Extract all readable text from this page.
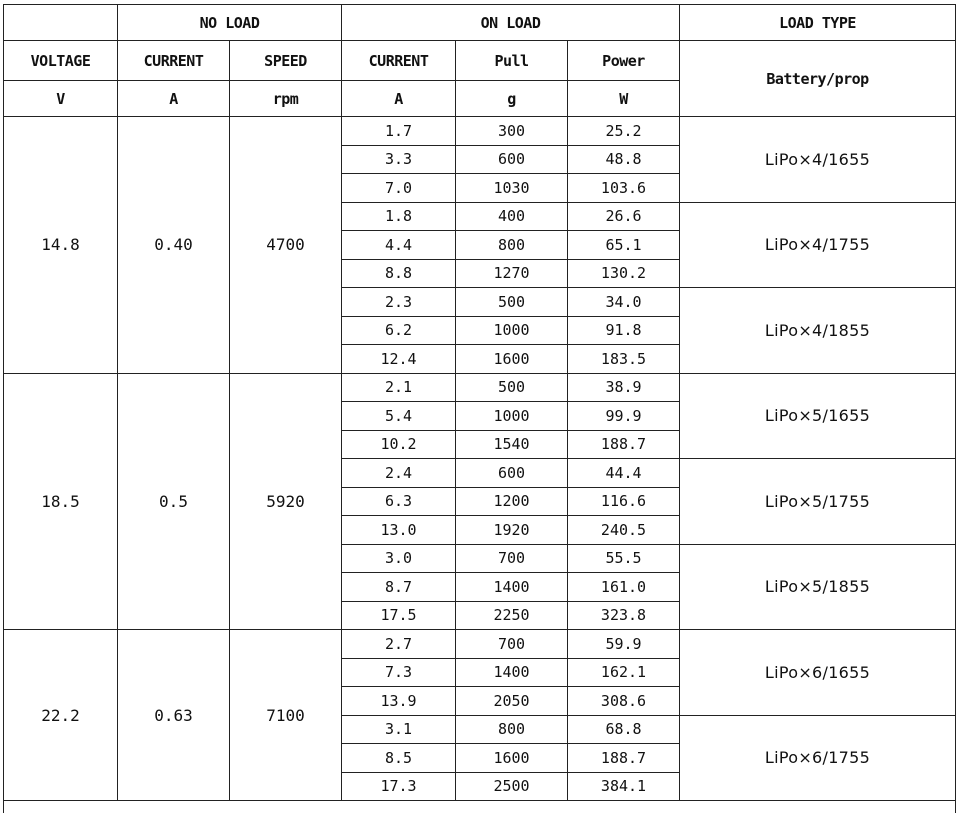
	NO LOAD		ON LOAD			LOAD TYPE
VOLTAGE	CURRENT	SPEED	CURRENT	Pull	Power	Battery/prop
V	A	rpm	A	g	W	
14.8	0.40	4700	1.7	300	25.2	LiPo×4/1655
			3.3	600	48.8	
			7.0	1030	103.6	
			1.8	400	26.6	LiPo×4/1755
			4.4	800	65.1	
			8.8	1270	130.2	
			2.3	500	34.0	LiPo×4/1855
			6.2	1000	91.8	
			12.4	1600	183.5	
18.5	0.5	5920	2.1	500	38.9	LiPo×5/1655
			5.4	1000	99.9	
			10.2	1540	188.7	
			2.4	600	44.4	LiPo×5/1755
			6.3	1200	116.6	
			13.0	1920	240.5	
			3.0	700	55.5	LiPo×5/1855
			8.7	1400	161.0	
			17.5	2250	323.8	
22.2	0.63	7100	2.7	700	59.9	LiPo×6/1655
			7.3	1400	162.1	
			13.9	2050	308.6	
			3.1	800	68.8	LiPo×6/1755
			8.5	1600	188.7	
			17.3	2500	384.1	
